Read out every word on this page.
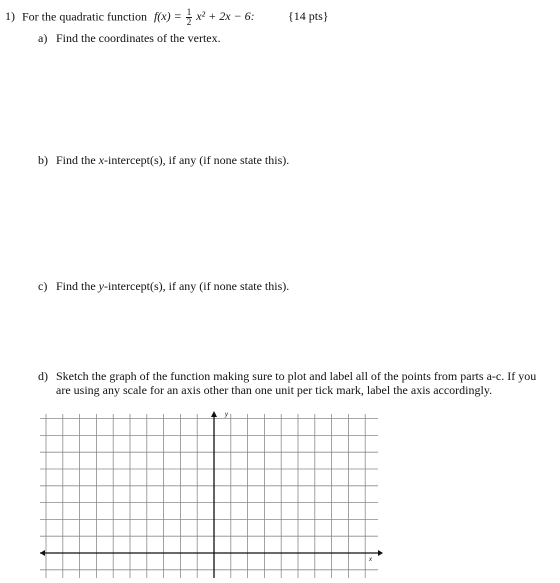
1) For the quadratic function $f(x) = \frac{1}{2} x^2 + 2x - 6$:	{14 pts}
a) Find the coordinates of the vertex.
b) Find the x-intercept(s), if any (if none state this).
c) Find the y-intercept(s), if any (if none state this).
d) Sketch the graph of the function making sure to plot and label all of the points from parts a-c. If you
are using any scale for an axis other than one unit per tick mark, label the axis accordingly.
y
x
